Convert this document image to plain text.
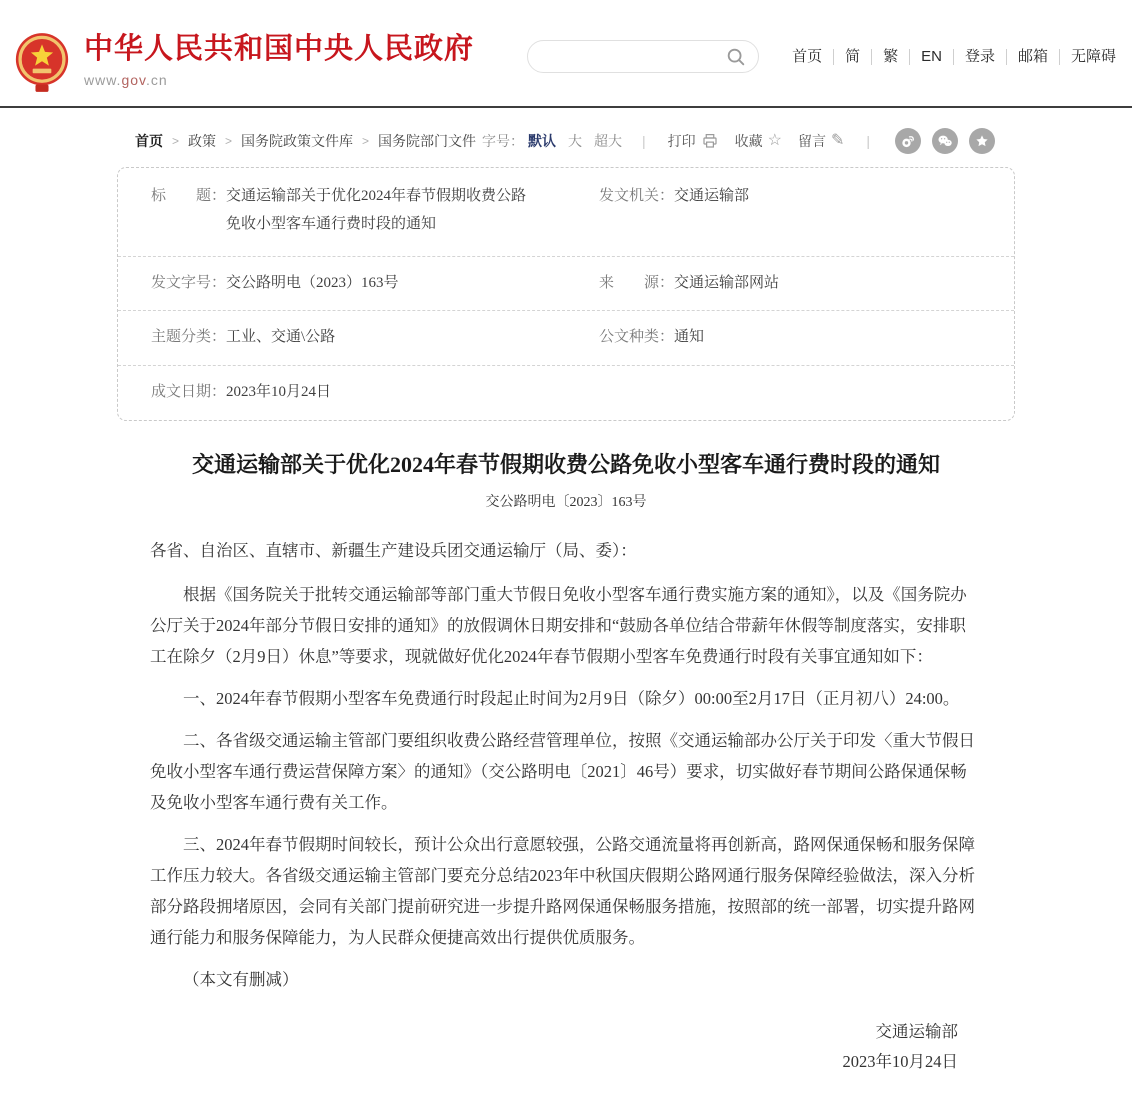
中华人民共和国中央人民政府
www.gov.cn
首页	简	繁	EN	登录	邮箱	无障碍
首页 > 政策 > 国务院政策文件库 > 国务院部门文件 字号： 默认 大 超大 | 打印	收藏 ☆ 留言 ✎ |
标　　题： 交通运输部关于优化2024年春节假期收费公路免收小型客车通行费时段的通知
发文机关： 交通运输部
发文字号： 交公路明电（2023）163号	来　　源： 交通运输部网站
主题分类： 工业、交通\公路	公文种类： 通知
成文日期： 2023年10月24日
交通运输部关于优化2024年春节假期收费公路免收小型客车通行费时段的通知
交公路明电〔2023〕163号

各省、自治区、直辖市、新疆生产建设兵团交通运输厅（局、委）：

根据《国务院关于批转交通运输部等部门重大节假日免收小型客车通行费实施方案的通知》，以及《国务院办公厅关于2024年部分节假日安排的通知》的放假调休日期安排和“鼓励各单位结合带薪年休假等制度落实，安排职工在除夕（2月9日）休息”等要求，现就做好优化2024年春节假期小型客车免费通行时段有关事宜通知如下：

一、2024年春节假期小型客车免费通行时段起止时间为2月9日（除夕）00:00至2月17日（正月初八）24:00。

二、各省级交通运输主管部门要组织收费公路经营管理单位，按照《交通运输部办公厅关于印发〈重大节假日免收小型客车通行费运营保障方案〉的通知》（交公路明电〔2021〕46号）要求，切实做好春节期间公路保通保畅及免收小型客车通行费有关工作。

三、2024年春节假期时间较长，预计公众出行意愿较强，公路交通流量将再创新高，路网保通保畅和服务保障工作压力较大。各省级交通运输主管部门要充分总结2023年中秋国庆假期公路网通行服务保障经验做法，深入分析部分路段拥堵原因，会同有关部门提前研究进一步提升路网保通保畅服务措施，按照部的统一部署，切实提升路网通行能力和服务保障能力，为人民群众便捷高效出行提供优质服务。

（本文有删减）

交通运输部
2023年10月24日
